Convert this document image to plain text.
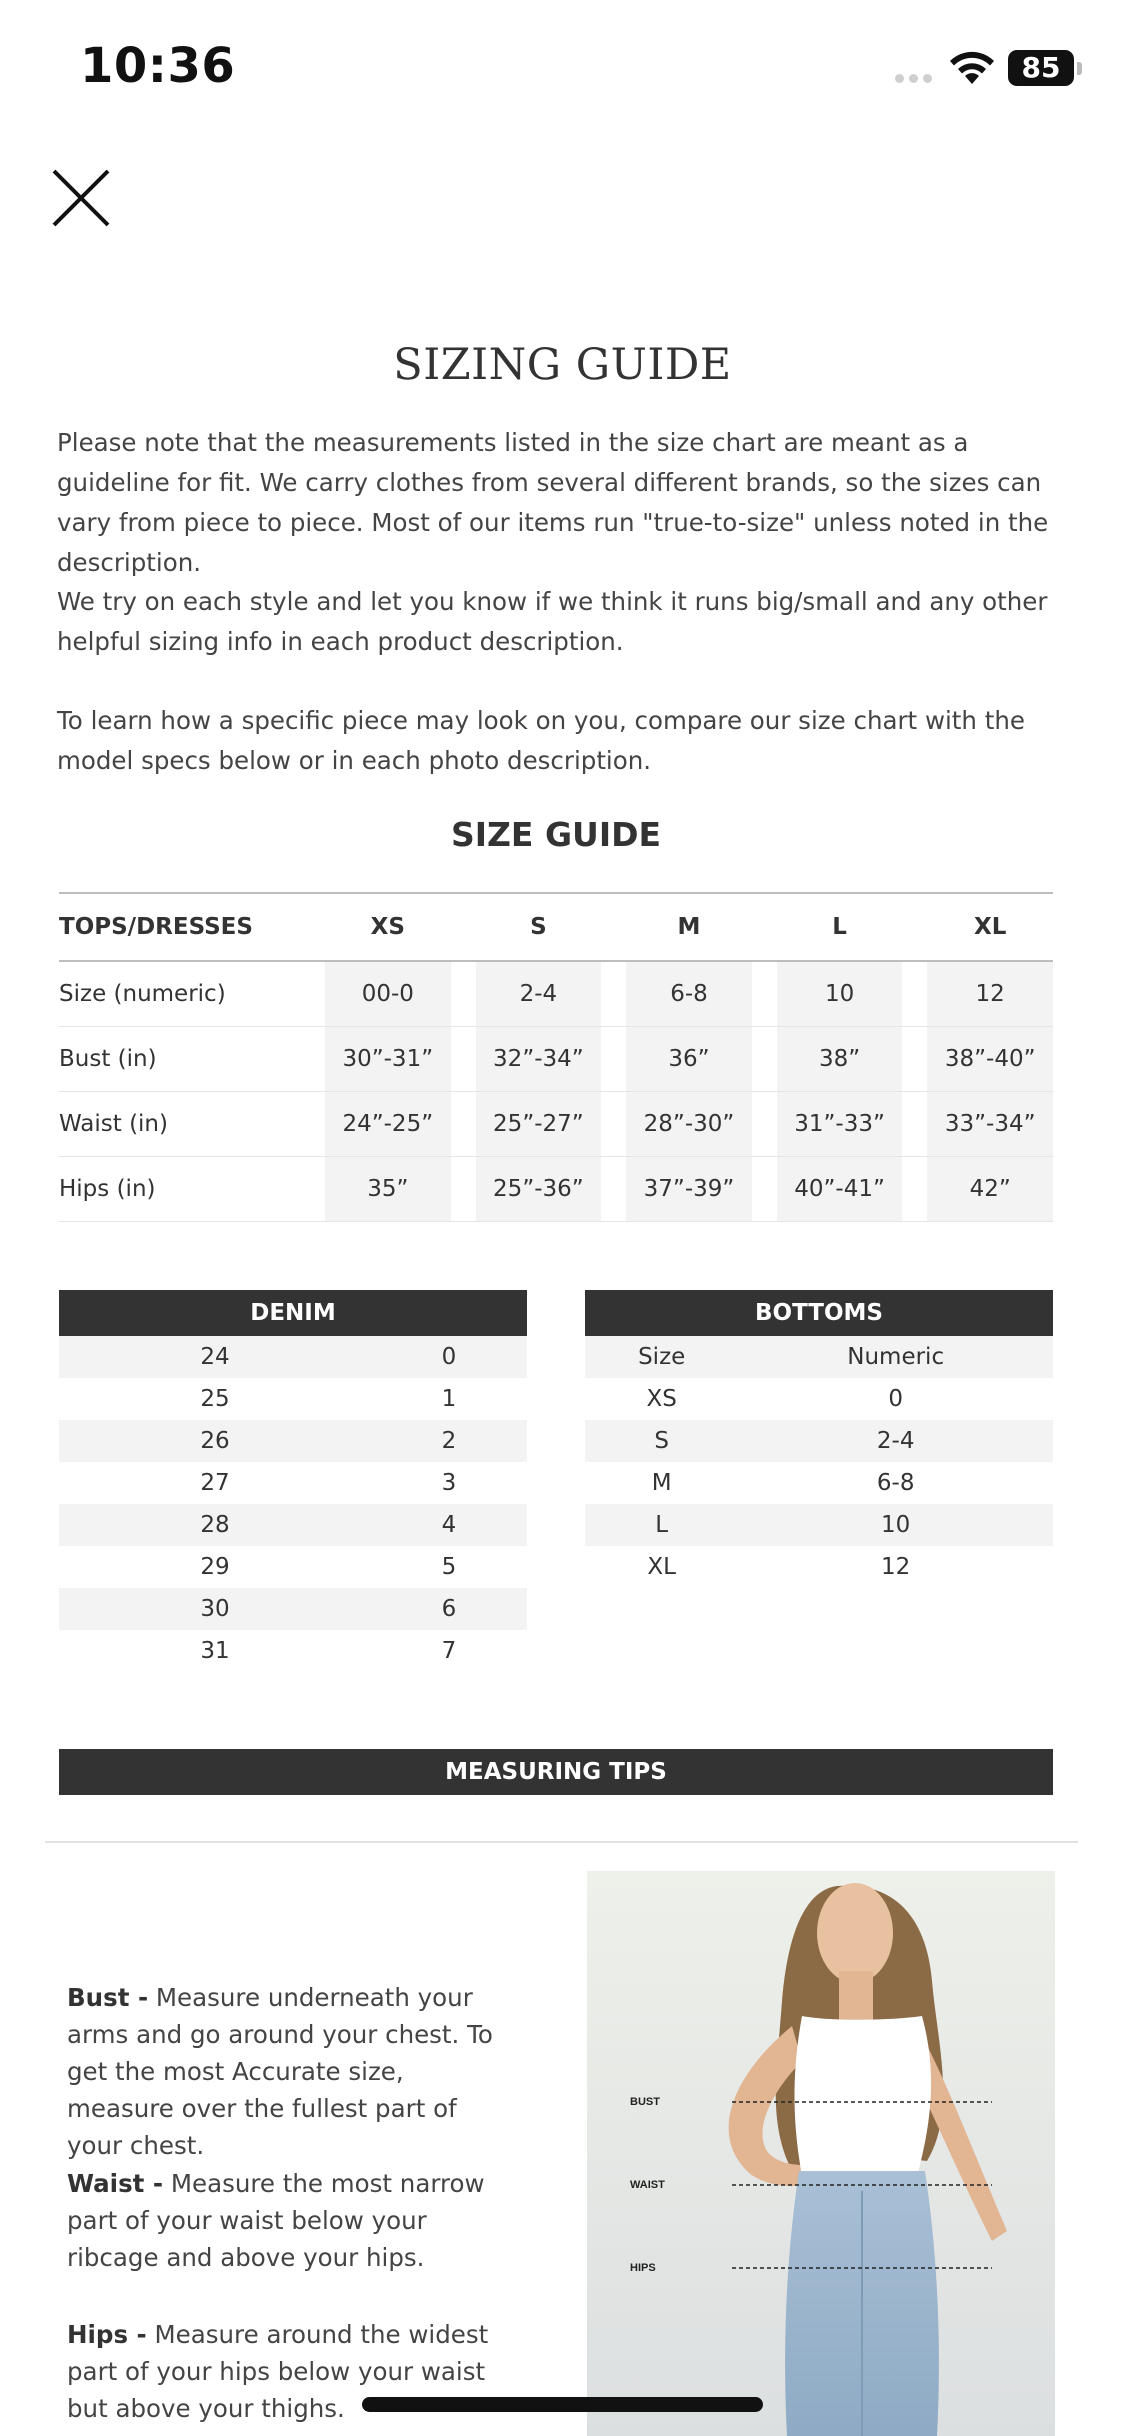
10:36	85
SIZING GUIDE
Please note that the measurements listed in the size chart are meant as a guideline for fit. We carry clothes from several different brands, so the sizes can vary from piece to piece. Most of our items run "true-to-size" unless noted in the description.
We try on each style and let you know if we think it runs big/small and any other helpful sizing info in each product description.
To learn how a specific piece may look on you, compare our size chart with the model specs below or in each photo description.
SIZE GUIDE
TOPS/DRESSES	XS		S		M		L		XL
Size (numeric)	00-0		2-4		6-8		10		12
Bust (in)	30”-31”		32”-34”		36”		38”		38”-40”
Waist (in)	24”-25”		25”-27”		28”-30”		31”-33”		33”-34”
Hips (in)	35”		25”-36”		37”-39”		40”-41”		42”
DENIM	
24	0
25	1
26	2
27	3
28	4
29	5
30	6
31	7
BOTTOMS	
Size	Numeric
XS	0
S	2-4
M	6-8
L	10
XL	12
MEASURING TIPS
Bust - Measure underneath your arms and go around your chest. To get the most Accurate size, measure over the fullest part of your chest.
Waist - Measure the most narrow part of your waist below your ribcage and above your hips.
Hips - Measure around the widest part of your hips below your waist but above your thighs.
BUST
WAIST
HIPS
